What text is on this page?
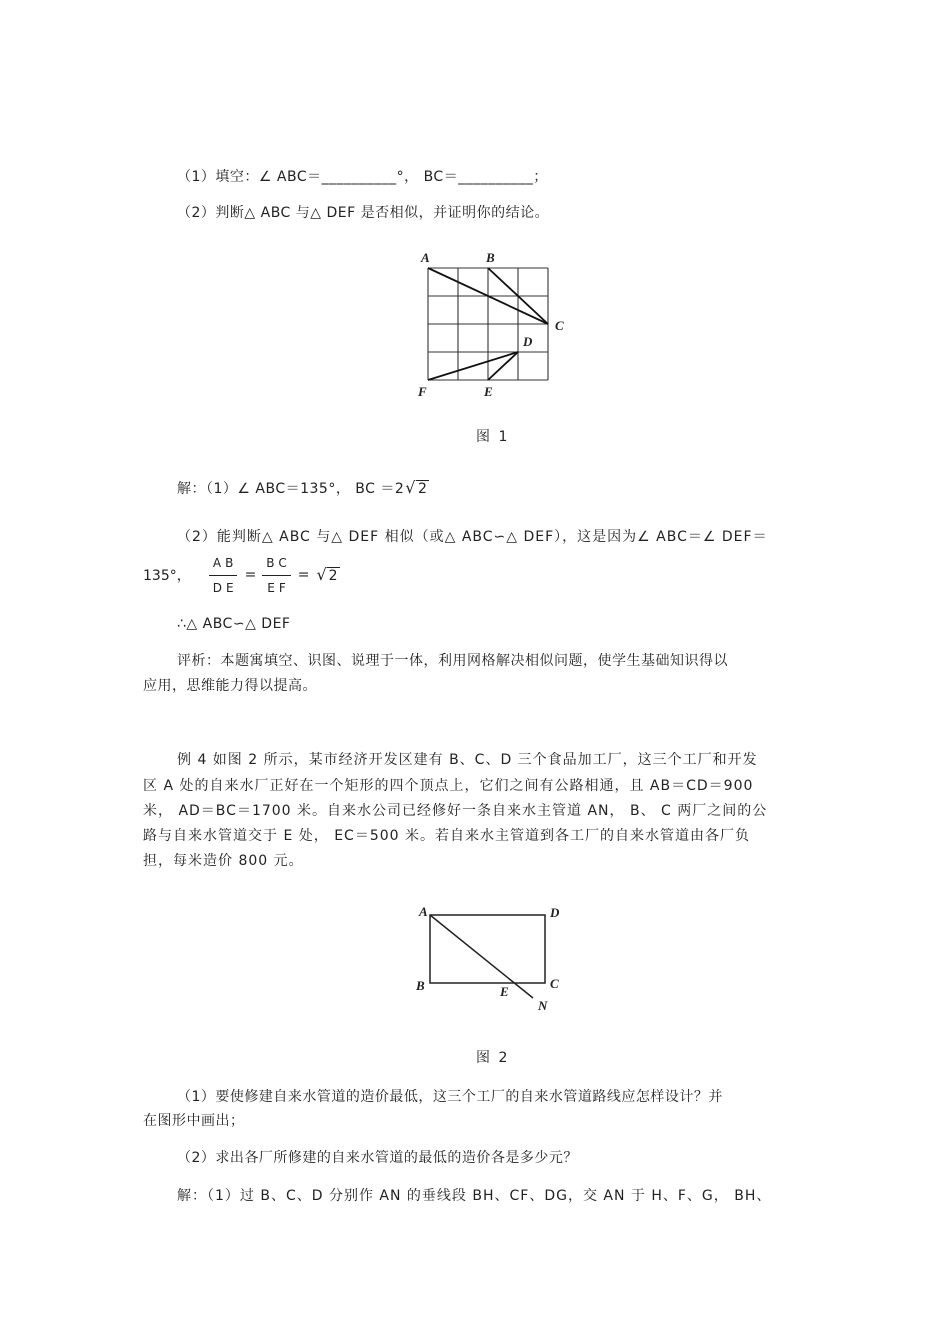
（1）填空：∠ ABC＝__________°， BC＝__________；
（2）判断△ ABC 与△ DEF 是否相似，并证明你的结论。
A	B
C
D
F	E
图 1
解：（1）∠ ABC＝135°， BC ＝2 √ 2
（2）能判断△ ABC 与△ DEF 相似（或△ ABC∽△ DEF），这是因为∠ ABC＝∠ DEF＝
135°， $\frac{AB}{DE} = \frac{BC}{EF}$ = √ 2
∴△ ABC∽△ DEF
评析：本题寓填空、识图、说理于一体，利用网格解决相似问题，使学生基础知识得以
应用，思维能力得以提高。
例 4 如图 2 所示，某市经济开发区建有 B、C、D 三个食品加工厂，这三个工厂和开发
区 A 处的自来水厂正好在一个矩形的四个顶点上，它们之间有公路相通，且 AB＝CD＝900
米， AD＝BC＝1700 米。自来水公司已经修好一条自来水主管道 AN， B、 C 两厂之间的公
路与自来水管道交于 E 处， EC＝500 米。若自来水主管道到各工厂的自来水管道由各厂负
担，每米造价 800 元。
A	D
B	C
E
N
图 2
（1）要使修建自来水管道的造价最低，这三个工厂的自来水管道路线应怎样设计？并
在图形中画出；
（2）求出各厂所修建的自来水管道的最低的造价各是多少元？
解：（1）过 B、C、D 分别作 AN 的垂线段 BH、CF、DG，交 AN 于 H、F、G， BH、
